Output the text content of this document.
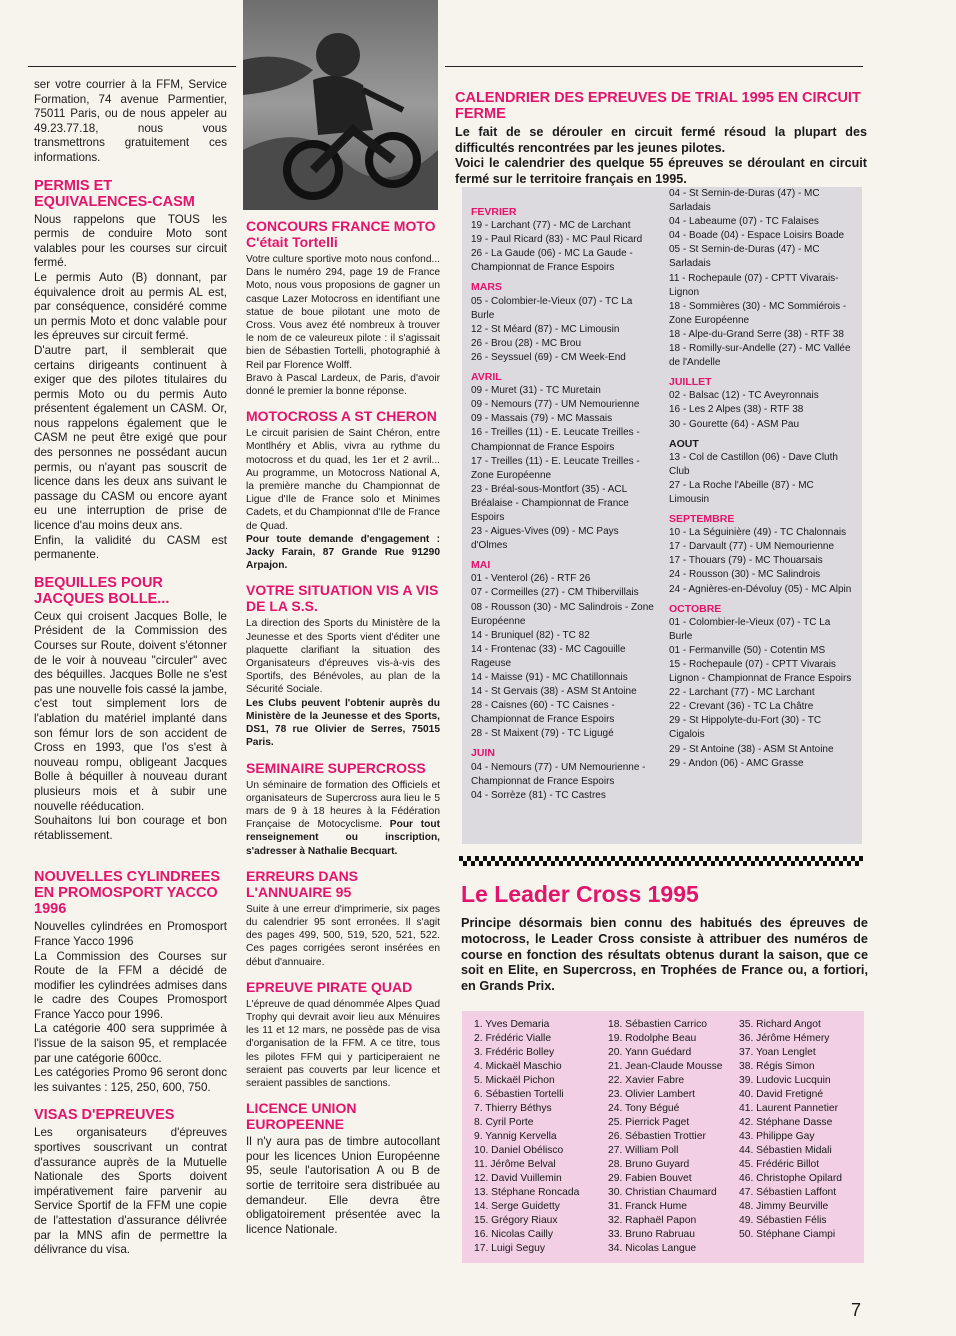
ser votre courrier à la FFM, Service Formation, 74 avenue Parmentier, 75011 Paris, ou de nous appeler au 49.23.77.18, nous vous transmettrons gratuitement ces informations.

PERMIS ET EQUIVALENCES-CASM

Nous rappelons que TOUS les permis de conduire Moto sont valables pour les courses sur circuit fermé.

Le permis Auto (B) donnant, par équivalence droit au permis AL est, par conséquence, considéré comme un permis Moto et donc valable pour les épreuves sur circuit fermé.

D'autre part, il semblerait que certains dirigeants continuent à exiger que des pilotes titulaires du permis Moto ou du permis Auto présentent également un CASM. Or, nous rappelons également que le CASM ne peut être exigé que pour des personnes ne possédant aucun permis, ou n'ayant pas souscrit de licence dans les deux ans suivant le passage du CASM ou encore ayant eu une interruption de prise de licence d'au moins deux ans.

Enfin, la validité du CASM est permanente.

BEQUILLES POUR JACQUES BOLLE...

Ceux qui croisent Jacques Bolle, le Président de la Commission des Courses sur Route, doivent s'étonner de le voir à nouveau "circuler" avec des béquilles. Jacques Bolle ne s'est pas une nouvelle fois cassé la jambe, c'est tout simplement lors de l'ablation du matériel implanté dans son fémur lors de son accident de Cross en 1993, que l'os s'est à nouveau rompu, obligeant Jacques Bolle à béquiller à nouveau durant plusieurs mois et à subir une nouvelle rééducation.

Souhaitons lui bon courage et bon rétablissement.

NOUVELLES CYLINDREES EN PROMOSPORT YACCO 1996

Nouvelles cylindrées en Promosport France Yacco 1996

La Commission des Courses sur Route de la FFM a décidé de modifier les cylindrées admises dans le cadre des Coupes Promosport France Yacco pour 1996.

La catégorie 400 sera supprimée à l'issue de la saison 95, et remplacée par une catégorie 600cc.

Les catégories Promo 96 seront donc les suivantes : 125, 250, 600, 750.

VISAS D'EPREUVES

Les organisateurs d'épreuves sportives souscrivant un contrat d'assurance auprès de la Mutuelle Nationale des Sports doivent impérativement faire parvenir au Service Sportif de la FFM une copie de l'attestation d'assurance délivrée par la MNS afin de permettre la délivrance du visa.

CONCOURS FRANCE MOTO
C'était Tortelli

Votre culture sportive moto nous confond... Dans le numéro 294, page 19 de France Moto, nous vous proposions de gagner un casque Lazer Motocross en identifiant une statue de boue pilotant une moto de Cross. Vous avez été nombreux à trouver le nom de ce valeureux pilote : il s'agissait bien de Sébastien Tortelli, photographié à Reil par Florence Wolff.

Bravo à Pascal Lardeux, de Paris, d'avoir donné le premier la bonne réponse.

MOTOCROSS A ST CHERON

Le circuit parisien de Saint Chéron, entre Montlhéry et Ablis, vivra au rythme du motocross et du quad, les 1er et 2 avril... Au programme, un Motocross National A, la première manche du Championnat de Ligue d'Ile de France solo et Minimes Cadets, et du Championnat d'Ile de France de Quad.

Pour toute demande d'engagement : Jacky Farain, 87 Grande Rue 91290 Arpajon.

VOTRE SITUATION VIS A VIS DE LA S.S.

La direction des Sports du Ministère de la Jeunesse et des Sports vient d'éditer une plaquette clarifiant la situation des Organisateurs d'épreuves vis-à-vis des Sportifs, des Bénévoles, au plan de la Sécurité Sociale.

Les Clubs peuvent l'obtenir auprès du Ministère de la Jeunesse et des Sports, DS1, 78 rue Olivier de Serres, 75015 Paris.

SEMINAIRE SUPERCROSS

Un séminaire de formation des Officiels et organisateurs de Supercross aura lieu le 5 mars de 9 à 18 heures à la Fédération Française de Motocyclisme. Pour tout renseignement ou inscription, s'adresser à Nathalie Becquart.

ERREURS DANS L'ANNUAIRE 95

Suite à une erreur d'imprimerie, six pages du calendrier 95 sont erronées. Il s'agit des pages 499, 500, 519, 520, 521, 522. Ces pages corrigées seront insérées en début d'annuaire.

EPREUVE PIRATE QUAD

L'épreuve de quad dénommée Alpes Quad Trophy qui devrait avoir lieu aux Ménuires les 11 et 12 mars, ne possède pas de visa d'organisation de la FFM. A ce titre, tous les pilotes FFM qui y participeraient ne seraient pas couverts par leur licence et seraient passibles de sanctions.

LICENCE UNION EUROPEENNE

Il n'y aura pas de timbre autocollant pour les licences Union Européenne 95, seule l'autorisation A ou B de sortie de territoire sera distribuée au demandeur. Elle devra être obligatoirement présentée avec la licence Nationale.

CALENDRIER DES EPREUVES DE TRIAL 1995 EN CIRCUIT FERME

Le fait de se dérouler en circuit fermé résoud la plupart des difficultés rencontrées par les jeunes pilotes.

Voici le calendrier des quelque 55 épreuves se déroulant en circuit fermé sur le territoire français en 1995.

FEVRIER
19 - Larchant (77) - MC de Larchant
19 - Paul Ricard (83) - MC Paul Ricard
26 - La Gaude (06) - MC La Gaude - Championnat de France Espoirs
MARS
05 - Colombier-le-Vieux (07) - TC La Burle
12 - St Méard (87) - MC Limousin
26 - Brou (28) - MC Brou
26 - Seyssuel (69) - CM Week-End
AVRIL
09 - Muret (31) - TC Muretain
09 - Nemours (77) - UM Nemourienne
09 - Massais (79) - MC Massais
16 - Treilles (11) - E. Leucate Treilles - Championnat de France Espoirs
17 - Treilles (11) - E. Leucate Treilles - Zone Européenne
23 - Bréal-sous-Montfort (35) - ACL Bréalaise - Championnat de France Espoirs
23 - Aigues-Vives (09) - MC Pays d'Olmes
MAI
01 - Venterol (26) - RTF 26
07 - Cormeilles (27) - CM Thibervillais
08 - Rousson (30) - MC Salindrois - Zone Européenne
14 - Bruniquel (82) - TC 82
14 - Frontenac (33) - MC Cagouille Rageuse
14 - Maisse (91) - MC Chatillonnais
14 - St Gervais (38) - ASM St Antoine
28 - Caisnes (60) - TC Caisnes - Championnat de France Espoirs
28 - St Maixent (79) - TC Ligugé
JUIN
04 - Nemours (77) - UM Nemourienne - Championnat de France Espoirs
04 - Sorrèze (81) - TC Castres
04 - St Sernin-de-Duras (47) - MC Sarladais
04 - Labeaume (07) - TC Falaises
04 - Boade (04) - Espace Loisirs Boade
05 - St Sernin-de-Duras (47) - MC Sarladais
11 - Rochepaule (07) - CPTT Vivarais-Lignon
18 - Sommières (30) - MC Sommiérois - Zone Européenne
18 - Alpe-du-Grand Serre (38) - RTF 38
18 - Romilly-sur-Andelle (27) - MC Vallée de l'Andelle
JUILLET
02 - Balsac (12) - TC Aveyronnais
16 - Les 2 Alpes (38) - RTF 38
30 - Gourette (64) - ASM Pau
AOUT
13 - Col de Castillon (06) - Dave Cluth Club
27 - La Roche l'Abeille (87) - MC Limousin
SEPTEMBRE
10 - La Séguinière (49) - TC Chalonnais
17 - Darvault (77) - UM Nemourienne
17 - Thouars (79) - MC Thouarsais
24 - Rousson (30) - MC Salindrois
24 - Agnières-en-Dévoluy (05) - MC Alpin
OCTOBRE
01 - Colombier-le-Vieux (07) - TC La Burle
01 - Fermanville (50) - Cotentin MS
15 - Rochepaule (07) - CPTT Vivarais Lignon - Championnat de France Espoirs
22 - Larchant (77) - MC Larchant
22 - Crevant (36) - TC La Châtre
29 - St Hippolyte-du-Fort (30) - TC Cigalois
29 - St Antoine (38) - ASM St Antoine
29 - Andon (06) - AMC Grasse
Le Leader Cross 1995

Principe désormais bien connu des habitués des épreuves de motocross, le Leader Cross consiste à attribuer des numéros de course en fonction des résultats obtenus durant la saison, que ce soit en Elite, en Supercross, en Trophées de France ou, a fortiori, en Grands Prix.

1. Yves Demaria
2. Frédéric Vialle
3. Frédéric Bolley
4. Mickaël Maschio
5. Mickaël Pichon
6. Sébastien Tortelli
7. Thierry Béthys
8. Cyril Porte
9. Yannig Kervella
10. Daniel Obélisco
11. Jérôme Belval
12. David Vuillemin
13. Stéphane Roncada
14. Serge Guidetty
15. Grégory Riaux
16. Nicolas Cailly
17. Luigi Seguy
18. Sébastien Carrico
19. Rodolphe Beau
20. Yann Guédard
21. Jean-Claude Mousse
22. Xavier Fabre
23. Olivier Lambert
24. Tony Bégué
25. Pierrick Paget
26. Sébastien Trottier
27. William Poll
28. Bruno Guyard
29. Fabien Bouvet
30. Christian Chaumard
31. Franck Hume
32. Raphaël Papon
33. Bruno Rabruau
34. Nicolas Langue
35. Richard Angot
36. Jérôme Hémery
37. Yoan Lenglet
38. Régis Simon
39. Ludovic Lucquin
40. David Fretigné
41. Laurent Pannetier
42. Stéphane Dasse
43. Philippe Gay
44. Sébastien Midali
45. Frédéric Billot
46. Christophe Opilard
47. Sébastien Laffont
48. Jimmy Beurville
49. Sébastien Félis
50. Stéphane Ciampi
7
